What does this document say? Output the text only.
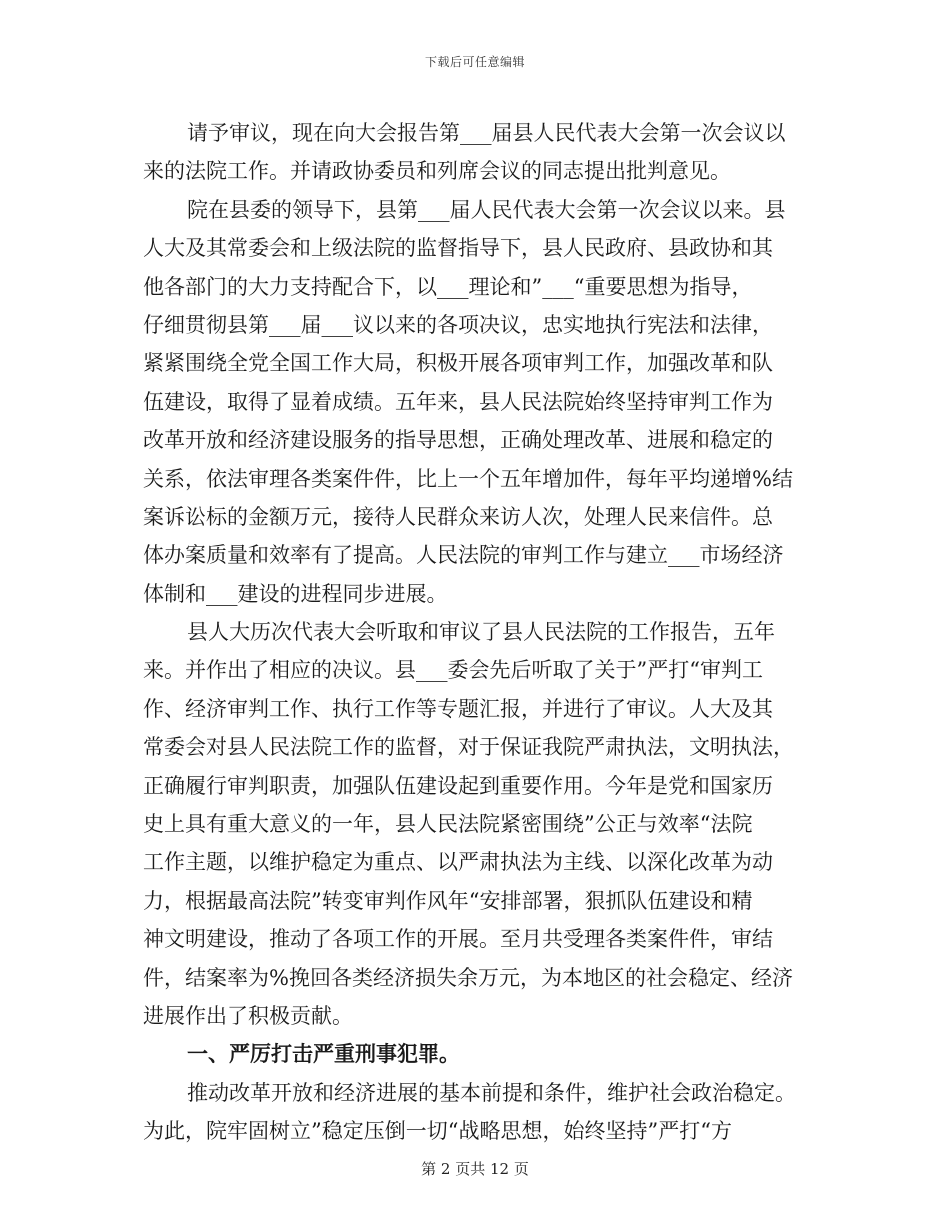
下载后可任意编辑
请予审议，现在向大会报告第___届县人民代表大会第一次会议以
来的法院工作。并请政协委员和列席会议的同志提出批判意见。
院在县委的领导下，县第___届人民代表大会第一次会议以来。县
人大及其常委会和上级法院的监督指导下，县人民政府、县政协和其
他各部门的大力支持配合下，以___理论和”___“重要思想为指导，
仔细贯彻县第___届___议以来的各项决议，忠实地执行宪法和法律，
紧紧围绕全党全国工作大局，积极开展各项审判工作，加强改革和队
伍建设，取得了显着成绩。五年来，县人民法院始终坚持审判工作为
改革开放和经济建设服务的指导思想，正确处理改革、进展和稳定的
关系，依法审理各类案件件，比上一个五年增加件，每年平均递增%结
案诉讼标的金额万元，接待人民群众来访人次，处理人民来信件。总
体办案质量和效率有了提高。人民法院的审判工作与建立___市场经济
体制和___建设的进程同步进展。
县人大历次代表大会听取和审议了县人民法院的工作报告，五年
来。并作出了相应的决议。县___委会先后听取了关于”严打“审判工
作、经济审判工作、执行工作等专题汇报，并进行了审议。人大及其
常委会对县人民法院工作的监督，对于保证我院严肃执法，文明执法，
正确履行审判职责，加强队伍建设起到重要作用。今年是党和国家历
史上具有重大意义的一年，县人民法院紧密围绕”公正与效率“法院
工作主题，以维护稳定为重点、以严肃执法为主线、以深化改革为动
力，根据最高法院”转变审判作风年“安排部署，狠抓队伍建设和精
神文明建设，推动了各项工作的开展。至月共受理各类案件件，审结
件，结案率为%挽回各类经济损失余万元，为本地区的社会稳定、经济
进展作出了积极贡献。
一、严厉打击严重刑事犯罪。
推动改革开放和经济进展的基本前提和条件，维护社会政治稳定。
为此，院牢固树立”稳定压倒一切“战略思想，始终坚持”严打“方
第 2 页共 12 页
